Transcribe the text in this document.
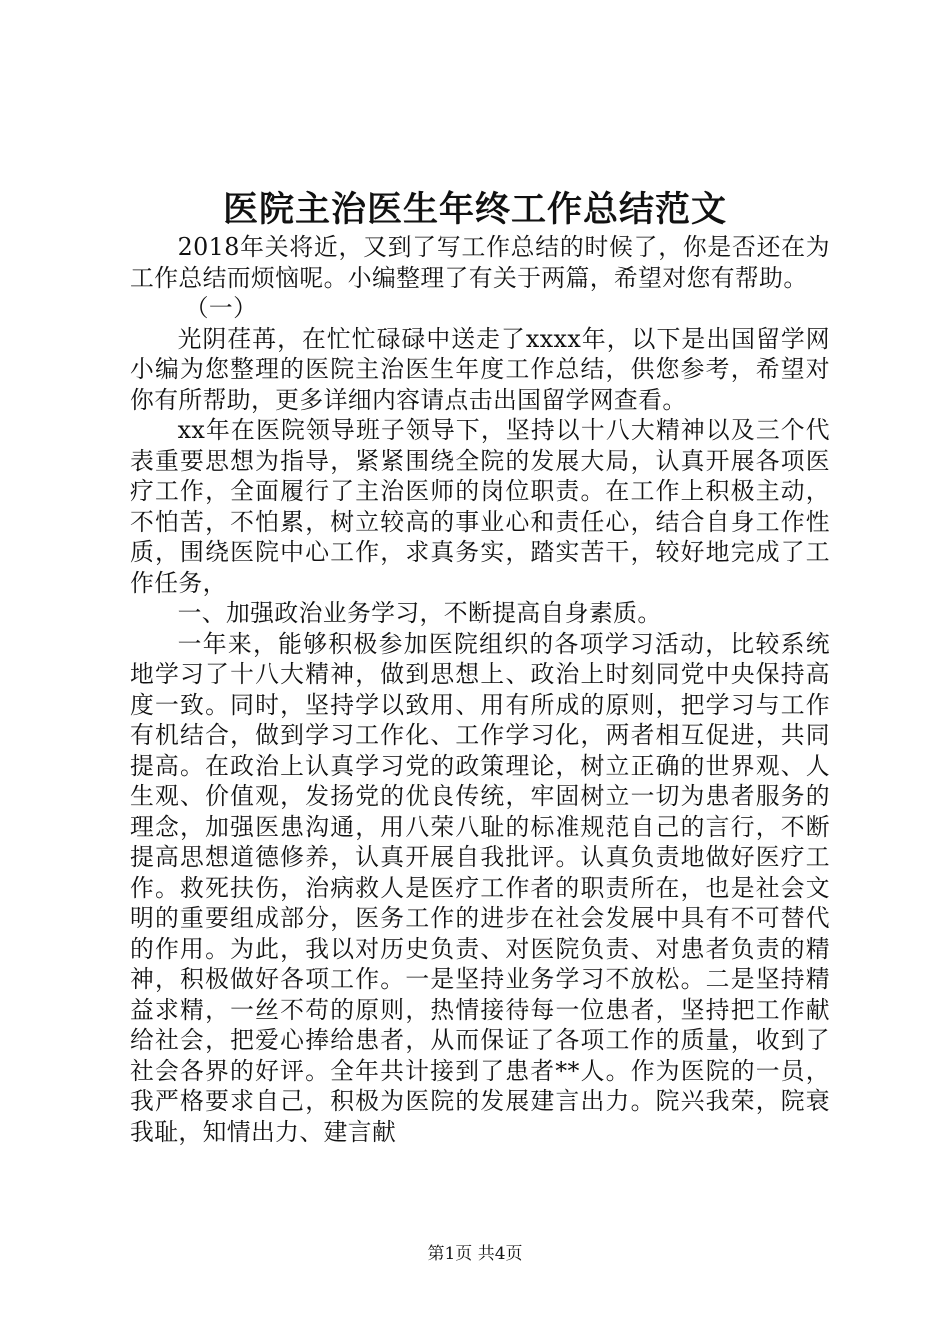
医院主治医生年终工作总结范文

2018年关将近，又到了写工作总结的时候了，你是否还在为工作总结而烦恼呢。小编整理了有关于两篇，希望对您有帮助。

（一）

光阴荏苒，在忙忙碌碌中送走了xxxx年，以下是出国留学网小编为您整理的医院主治医生年度工作总结，供您参考，希望对你有所帮助，更多详细内容请点击出国留学网查看。

xx年在医院领导班子领导下，坚持以十八大精神以及三个代表重要思想为指导，紧紧围绕全院的发展大局，认真开展各项医疗工作，全面履行了主治医师的岗位职责。在工作上积极主动，不怕苦，不怕累，树立较高的事业心和责任心，结合自身工作性质，围绕医院中心工作，求真务实，踏实苦干，较好地完成了工作任务，

一、加强政治业务学习，不断提高自身素质。

一年来，能够积极参加医院组织的各项学习活动，比较系统地学习了十八大精神，做到思想上、政治上时刻同党中央保持高度一致。同时，坚持学以致用、用有所成的原则，把学习与工作有机结合，做到学习工作化、工作学习化，两者相互促进，共同提高。在政治上认真学习党的政策理论，树立正确的世界观、人生观、价值观，发扬党的优良传统，牢固树立一切为患者服务的理念，加强医患沟通，用八荣八耻的标准规范自己的言行，不断提高思想道德修养，认真开展自我批评。认真负责地做好医疗工作。救死扶伤，治病救人是医疗工作者的职责所在，也是社会文明的重要组成部分，医务工作的进步在社会发展中具有不可替代的作用。为此，我以对历史负责、对医院负责、对患者负责的精神，积极做好各项工作。一是坚持业务学习不放松。二是坚持精益求精，一丝不苟的原则，热情接待每一位患者，坚持把工作献给社会，把爱心捧给患者，从而保证了各项工作的质量，收到了社会各界的好评。全年共计接到了患者**人。作为医院的一员，我严格要求自己，积极为医院的发展建言出力。院兴我荣，院衰我耻，知情出力、建言献

第1页 共4页
